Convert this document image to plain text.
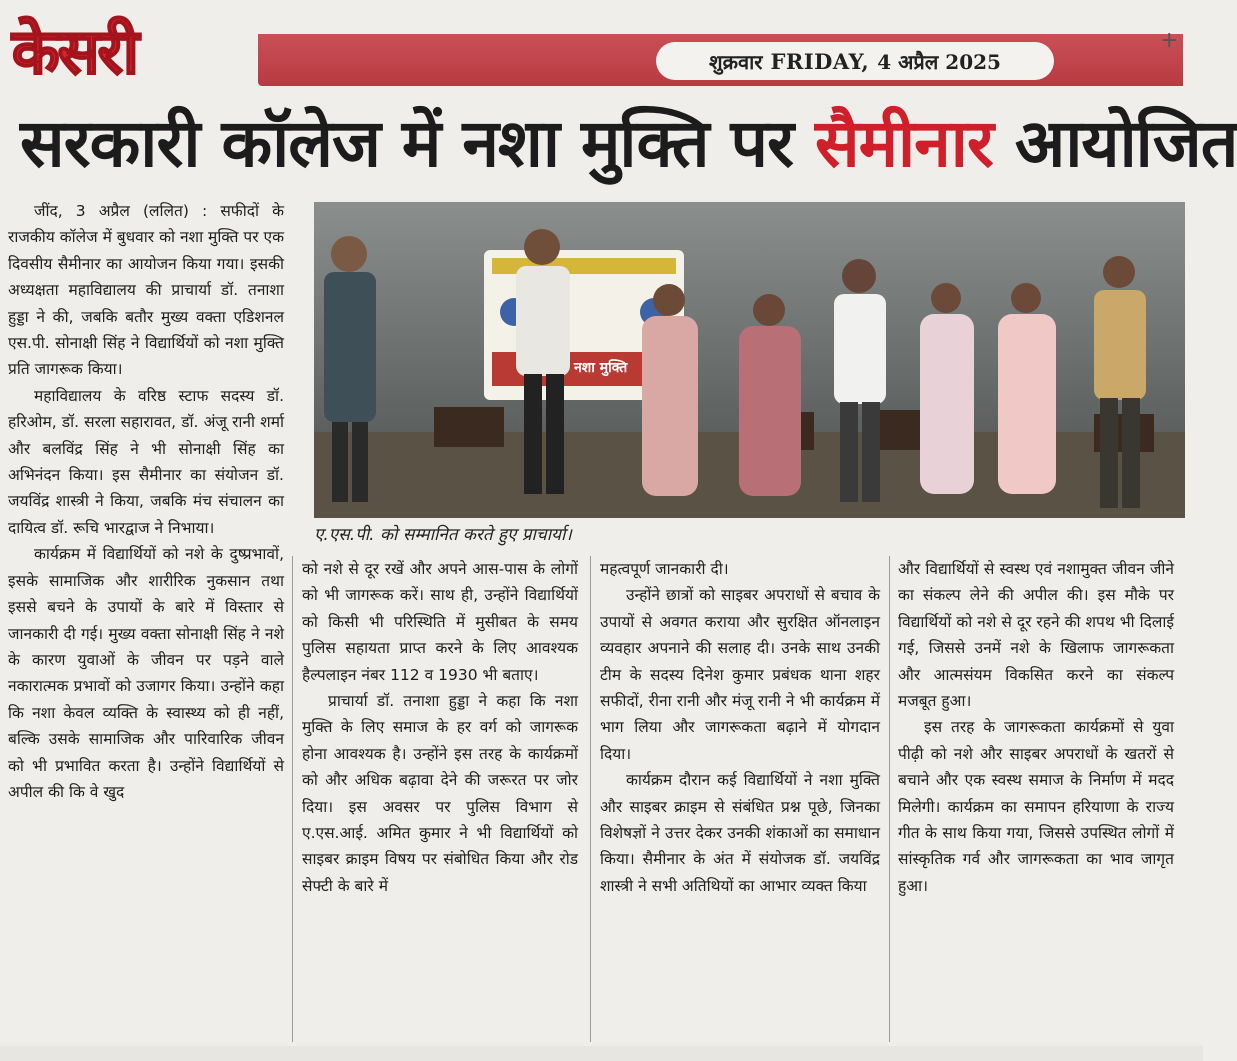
केसरी	शुक्रवार FRIDAY, 4 अप्रैल 2025
+
सरकारी कॉलेज में नशा मुक्ति पर सैमीनार आयोजित
नशा मुक्ति
ए.एस.पी. को सम्मानित करते हुए प्राचार्या।

जींद, 3 अप्रैल (ललित) : सफीदों के राजकीय कॉलेज में बुधवार को नशा मुक्ति पर एक दिवसीय सैमीनार का आयोजन किया गया। इसकी अध्यक्षता महाविद्यालय की प्राचार्या डॉ. तनाशा हुड्डा ने की, जबकि बतौर मुख्य वक्ता एडिशनल एस.पी. सोनाक्षी सिंह ने विद्यार्थियों को नशा मुक्ति प्रति जागरूक किया।

महाविद्यालय के वरिष्ठ स्टाफ सदस्य डॉ. हरिओम, डॉ. सरला सहारावत, डॉ. अंजू रानी शर्मा और बलविंद्र सिंह ने भी सोनाक्षी सिंह का अभिनंदन किया। इस सैमीनार का संयोजन डॉ. जयविंद्र शास्त्री ने किया, जबकि मंच संचालन का दायित्व डॉ. रूचि भारद्वाज ने निभाया।

कार्यक्रम में विद्यार्थियों को नशे के दुष्प्रभावों, इसके सामाजिक और शारीरिक नुकसान तथा इससे बचने के उपायों के बारे में विस्तार से जानकारी दी गई। मुख्य वक्ता सोनाक्षी सिंह ने नशे के कारण युवाओं के जीवन पर पड़ने वाले नकारात्मक प्रभावों को उजागर किया। उन्होंने कहा कि नशा केवल व्यक्ति के स्वास्थ्य को ही नहीं, बल्कि उसके सामाजिक और पारिवारिक जीवन को भी प्रभावित करता है। उन्होंने विद्यार्थियों से अपील की कि वे खुद

को नशे से दूर रखें और अपने आस-पास के लोगों को भी जागरूक करें। साथ ही, उन्होंने विद्यार्थियों को किसी भी परिस्थिति में मुसीबत के समय पुलिस सहायता प्राप्त करने के लिए आवश्यक हैल्पलाइन नंबर 112 व 1930 भी बताए।

प्राचार्या डॉ. तनाशा हुड्डा ने कहा कि नशा मुक्ति के लिए समाज के हर वर्ग को जागरूक होना आवश्यक है। उन्होंने इस तरह के कार्यक्रमों को और अधिक बढ़ावा देने की जरूरत पर जोर दिया। इस अवसर पर पुलिस विभाग से ए.एस.आई. अमित कुमार ने भी विद्यार्थियों को साइबर क्राइम विषय पर संबोधित किया और रोड सेफ्टी के बारे में

महत्वपूर्ण जानकारी दी।

उन्होंने छात्रों को साइबर अपराधों से बचाव के उपायों से अवगत कराया और सुरक्षित ऑनलाइन व्यवहार अपनाने की सलाह दी। उनके साथ उनकी टीम के सदस्य दिनेश कुमार प्रबंधक थाना शहर सफीदों, रीना रानी और मंजू रानी ने भी कार्यक्रम में भाग लिया और जागरूकता बढ़ाने में योगदान दिया।

कार्यक्रम दौरान कई विद्यार्थियों ने नशा मुक्ति और साइबर क्राइम से संबंधित प्रश्न पूछे, जिनका विशेषज्ञों ने उत्तर देकर उनकी शंकाओं का समाधान किया। सैमीनार के अंत में संयोजक डॉ. जयविंद्र शास्त्री ने सभी अतिथियों का आभार व्यक्त किया

और विद्यार्थियों से स्वस्थ एवं नशामुक्त जीवन जीने का संकल्प लेने की अपील की। इस मौके पर विद्यार्थियों को नशे से दूर रहने की शपथ भी दिलाई गई, जिससे उनमें नशे के खिलाफ जागरूकता और आत्मसंयम विकसित करने का संकल्प मजबूत हुआ।

इस तरह के जागरूकता कार्यक्रमों से युवा पीढ़ी को नशे और साइबर अपराधों के खतरों से बचाने और एक स्वस्थ समाज के निर्माण में मदद मिलेगी। कार्यक्रम का समापन हरियाणा के राज्य गीत के साथ किया गया, जिससे उपस्थित लोगों में सांस्कृतिक गर्व और जागरूकता का भाव जागृत हुआ।
